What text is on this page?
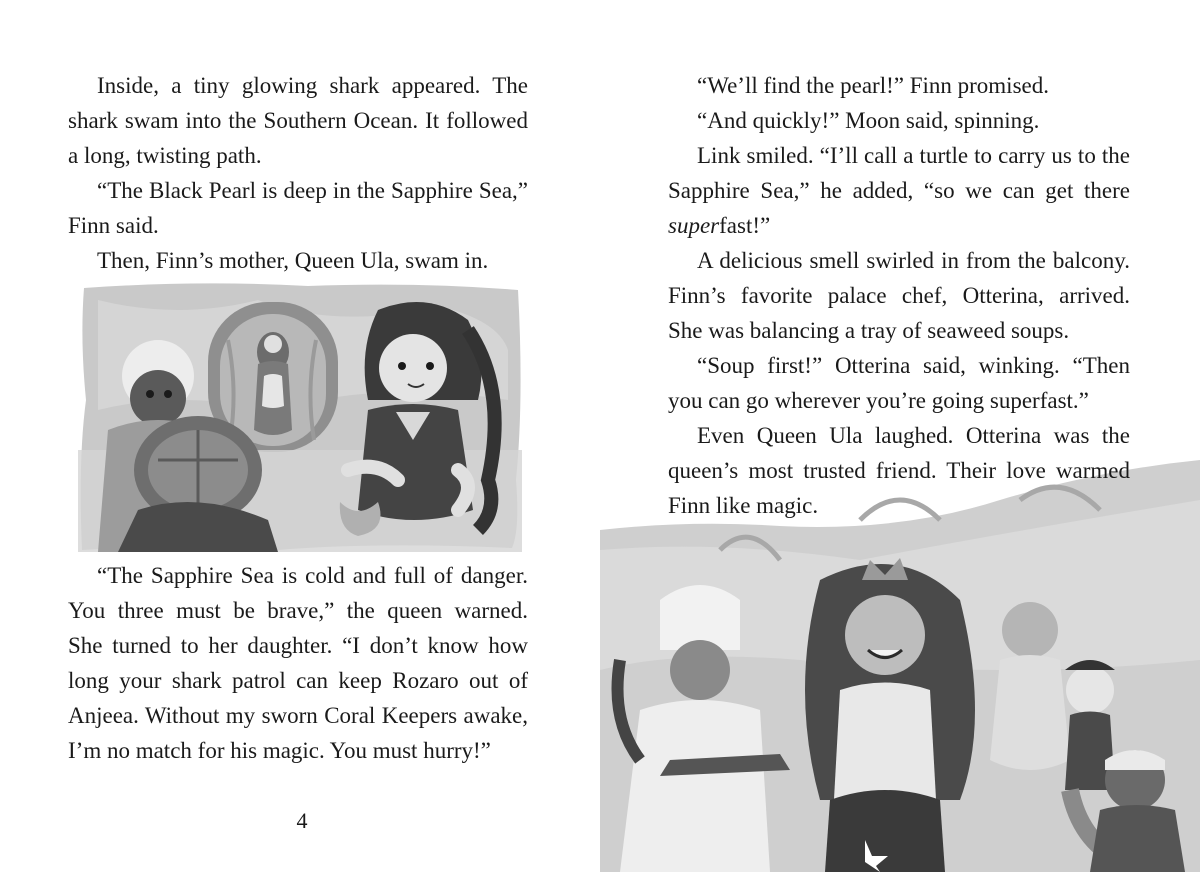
Inside, a tiny glowing shark appeared. The
shark swam into the Southern Ocean. It followed
a long, twisting path.

“The Black Pearl is deep in the Sapphire Sea,”
Finn said.

Then, Finn’s mother, Queen Ula, swam in.

“The Sapphire Sea is cold and full of danger.
You three must be brave,” the queen warned.
She turned to her daughter. “I don’t know how
long your shark patrol can keep Rozaro out of
Anjeea. Without my sworn Coral Keepers awake,
I’m no match for his magic. You must hurry!”

4

“We’ll find the pearl!” Finn promised.
“And quickly!” Moon said, spinning.

Link smiled. “I’ll call a turtle to carry us to the
Sapphire Sea,” he added, “so we can get there
superfast!”

A delicious smell swirled in from the balcony.
Finn’s favorite palace chef, Otterina, arrived.
She was balancing a tray of seaweed soups.

“Soup first!” Otterina said, winking. “Then
you can go wherever you’re going superfast.”

Even Queen Ula laughed. Otterina was the
queen’s most trusted friend. Their love warmed
Finn like magic.
